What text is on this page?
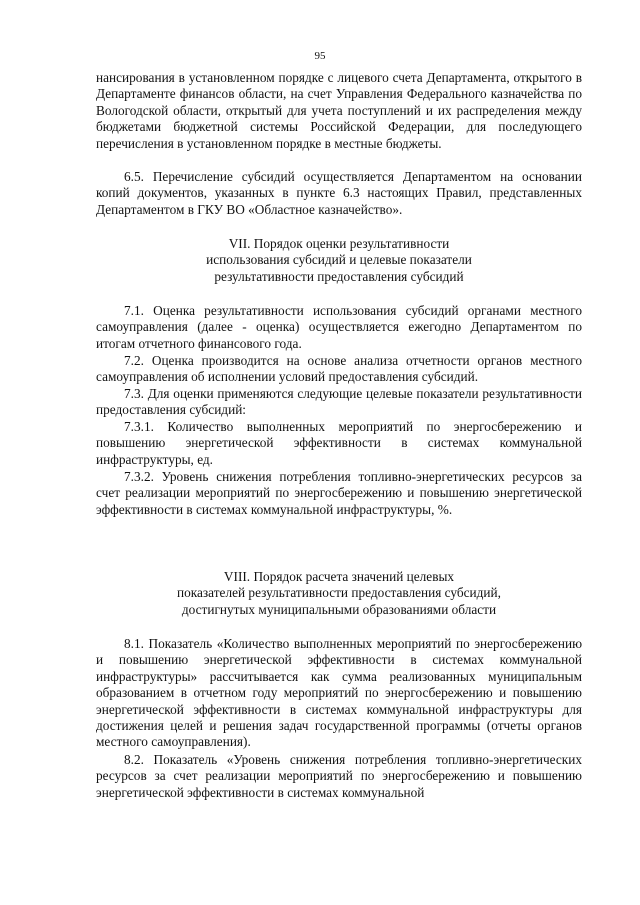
95
нансирования в установленном порядке с лицевого счета Департамента, открытого в Департаменте финансов области, на счет Управления Федерального казначейства по Вологодской области, открытый для учета поступлений и их распределения между бюджетами бюджетной системы Российской Федерации, для последующего перечисления в установленном порядке в местные бюджеты.
6.5. Перечисление субсидий осуществляется Департаментом на основании копий документов, указанных в пункте 6.3 настоящих Правил, представленных Департаментом в ГКУ ВО «Областное казначейство».
VII. Порядок оценки результативности
использования субсидий и целевые показатели
результативности предоставления субсидий
7.1. Оценка результативности использования субсидий органами местного самоуправления (далее - оценка) осуществляется ежегодно Департаментом по итогам отчетного финансового года.
7.2. Оценка производится на основе анализа отчетности органов местного самоуправления об исполнении условий предоставления субсидий.
7.3. Для оценки применяются следующие целевые показатели результативности предоставления субсидий:
7.3.1. Количество выполненных мероприятий по энергосбережению и повышению энергетической эффективности в системах коммунальной инфраструктуры, ед.
7.3.2. Уровень снижения потребления топливно-энергетических ресурсов за счет реализации мероприятий по энергосбережению и повышению энергетической эффективности в системах коммунальной инфраструктуры, %.
VIII. Порядок расчета значений целевых
показателей результативности предоставления субсидий,
достигнутых муниципальными образованиями области
8.1. Показатель «Количество выполненных мероприятий по энергосбережению и повышению энергетической эффективности в системах коммунальной инфраструктуры» рассчитывается как сумма реализованных муниципальным образованием в отчетном году мероприятий по энергосбережению и повышению энергетической эффективности в системах коммунальной инфраструктуры для достижения целей и решения задач государственной программы (отчеты органов местного самоуправления).
8.2. Показатель «Уровень снижения потребления топливно-энергетических ресурсов за счет реализации мероприятий по энергосбережению и повышению энергетической эффективности в системах коммунальной
